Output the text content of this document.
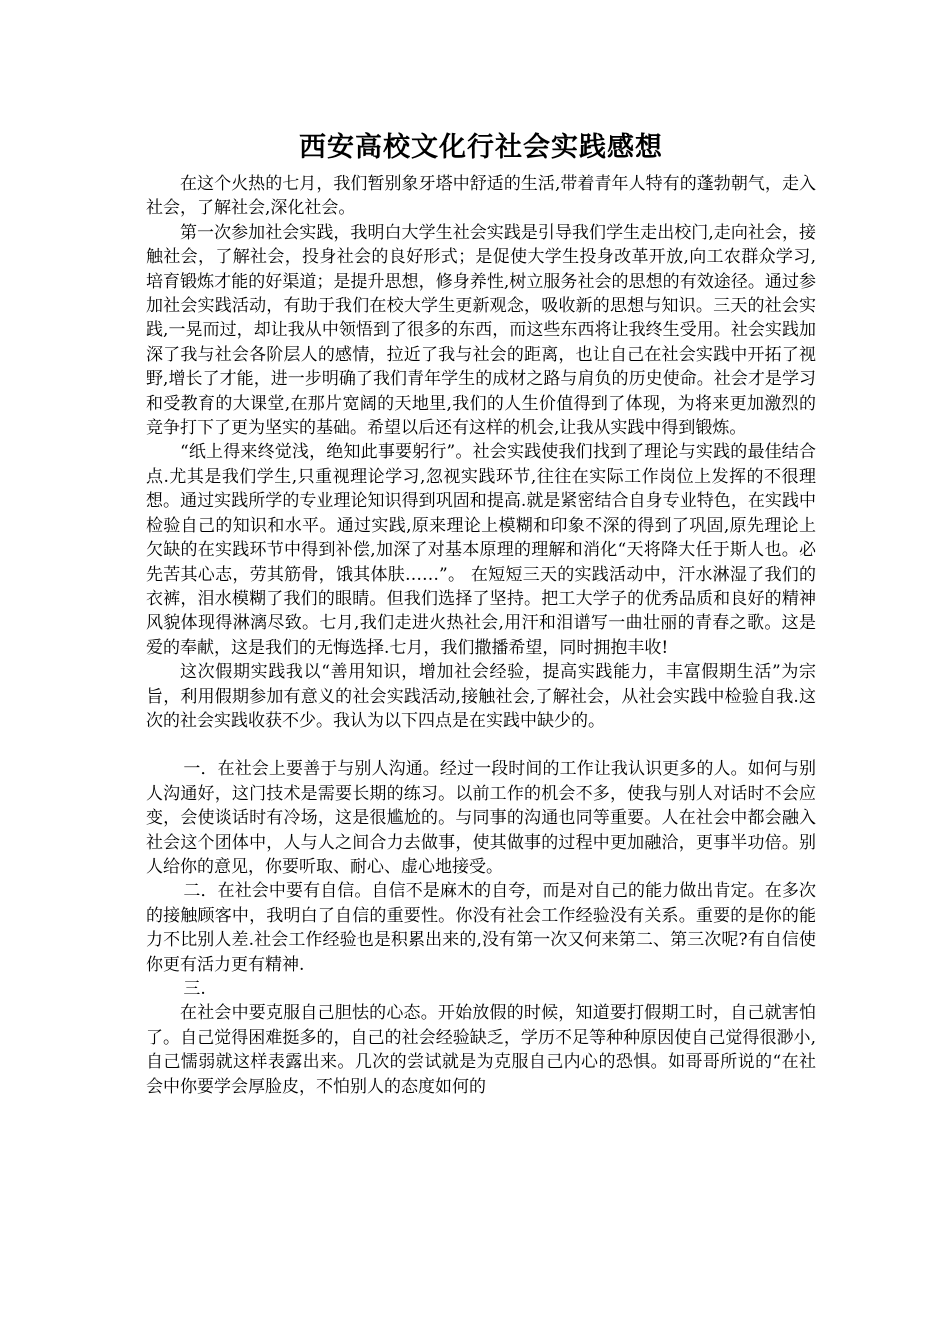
西安高校文化行社会实践感想

在这个火热的七月，我们暂别象牙塔中舒适的生活,带着青年人特有的蓬勃朝气，走入社会，了解社会,深化社会。

第一次参加社会实践，我明白大学生社会实践是引导我们学生走出校门,走向社会，接触社会，了解社会，投身社会的良好形式；是促使大学生投身改革开放,向工农群众学习,培育锻炼才能的好渠道；是提升思想，修身养性,树立服务社会的思想的有效途径。通过参加社会实践活动，有助于我们在校大学生更新观念，吸收新的思想与知识。三天的社会实践,一晃而过，却让我从中领悟到了很多的东西，而这些东西将让我终生受用。社会实践加深了我与社会各阶层人的感情，拉近了我与社会的距离，也让自己在社会实践中开拓了视野,增长了才能，进一步明确了我们青年学生的成材之路与肩负的历史使命。社会才是学习和受教育的大课堂,在那片宽阔的天地里,我们的人生价值得到了体现，为将来更加激烈的竞争打下了更为坚实的基础。希望以后还有这样的机会,让我从实践中得到锻炼。

“纸上得来终觉浅，绝知此事要躬行”。社会实践使我们找到了理论与实践的最佳结合点.尤其是我们学生,只重视理论学习,忽视实践环节,往往在实际工作岗位上发挥的不很理想。通过实践所学的专业理论知识得到巩固和提高.就是紧密结合自身专业特色，在实践中检验自己的知识和水平。通过实践,原来理论上模糊和印象不深的得到了巩固,原先理论上欠缺的在实践环节中得到补偿,加深了对基本原理的理解和消化“天将降大任于斯人也。必先苦其心志，劳其筋骨，饿其体肤……”。 在短短三天的实践活动中，汗水淋湿了我们的衣裤，泪水模糊了我们的眼睛。但我们选择了坚持。把工大学子的优秀品质和良好的精神风貌体现得淋漓尽致。七月,我们走进火热社会,用汗和泪谱写一曲壮丽的青春之歌。这是爱的奉献，这是我们的无悔选择.七月，我们撒播希望，同时拥抱丰收!

这次假期实践我以“善用知识，增加社会经验，提高实践能力，丰富假期生活”为宗旨，利用假期参加有意义的社会实践活动,接触社会,了解社会，从社会实践中检验自我.这次的社会实践收获不少。我认为以下四点是在实践中缺少的。

一．在社会上要善于与别人沟通。经过一段时间的工作让我认识更多的人。如何与别人沟通好，这门技术是需要长期的练习。以前工作的机会不多，使我与别人对话时不会应变，会使谈话时有冷场，这是很尴尬的。与同事的沟通也同等重要。人在社会中都会融入社会这个团体中，人与人之间合力去做事，使其做事的过程中更加融洽，更事半功倍。别人给你的意见，你要听取、耐心、虚心地接受。

二．在社会中要有自信。自信不是麻木的自夸，而是对自己的能力做出肯定。在多次的接触顾客中，我明白了自信的重要性。你没有社会工作经验没有关系。重要的是你的能力不比别人差.社会工作经验也是积累出来的,没有第一次又何来第二、第三次呢?有自信使你更有活力更有精神.

三.

在社会中要克服自己胆怯的心态。开始放假的时候，知道要打假期工时，自己就害怕了。自己觉得困难挺多的，自己的社会经验缺乏，学历不足等种种原因使自己觉得很渺小,自己懦弱就这样表露出来。几次的尝试就是为克服自己内心的恐惧。如哥哥所说的“在社会中你要学会厚脸皮，不怕别人的态度如何的
